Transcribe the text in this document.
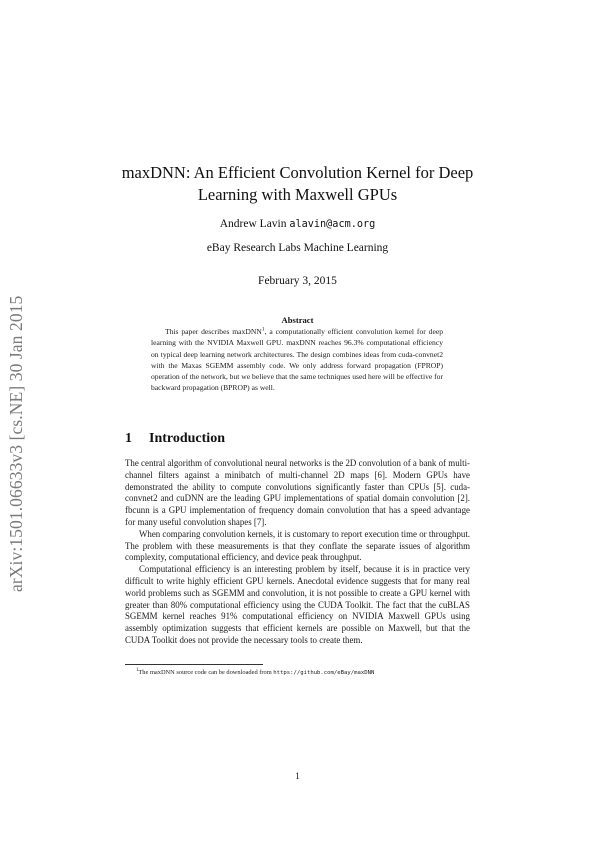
arXiv:1501.06633v3 [cs.NE] 30 Jan 2015
maxDNN: An Efficient Convolution Kernel for Deep Learning with Maxwell GPUs
Andrew Lavin alavin@acm.org
eBay Research Labs Machine Learning
February 3, 2015
Abstract
This paper describes maxDNN$^1$, a computationally efficient convolution kernel for deep learning with the NVIDIA Maxwell GPU. maxDNN reaches 96.3% computational efficiency on typical deep learning network architectures. The design combines ideas from cuda-convnet2 with the Maxas SGEMM assembly code. We only address forward propagation (FPROP) operation of the network, but we believe that the same techniques used here will be effective for backward propagation (BPROP) as well.
1 Introduction

The central algorithm of convolutional neural networks is the 2D convolution of a bank of multi-channel filters against a minibatch of multi-channel 2D maps [6]. Modern GPUs have demonstrated the ability to compute convolutions significantly faster than CPUs [5]. cuda-convnet2 and cuDNN are the leading GPU implementations of spatial domain convolution [2]. fbcunn is a GPU implementation of frequency domain convolution that has a speed advantage for many useful convolution shapes [7].

When comparing convolution kernels, it is customary to report execution time or throughput. The problem with these measurements is that they conflate the separate issues of algorithm complexity, computational efficiency, and device peak throughput.

Computational efficiency is an interesting problem by itself, because it is in practice very difficult to write highly efficient GPU kernels. Anecdotal evidence suggests that for many real world problems such as SGEMM and convolution, it is not possible to create a GPU kernel with greater than 80% computational efficiency using the CUDA Toolkit. The fact that the cuBLAS SGEMM kernel reaches 91% computational efficiency on NVIDIA Maxwell GPUs using assembly optimization suggests that efficient kernels are possible on Maxwell, but that the CUDA Toolkit does not provide the necessary tools to create them.

$^1$The maxDNN source code can be downloaded from https://github.com/eBay/maxDNN
1
